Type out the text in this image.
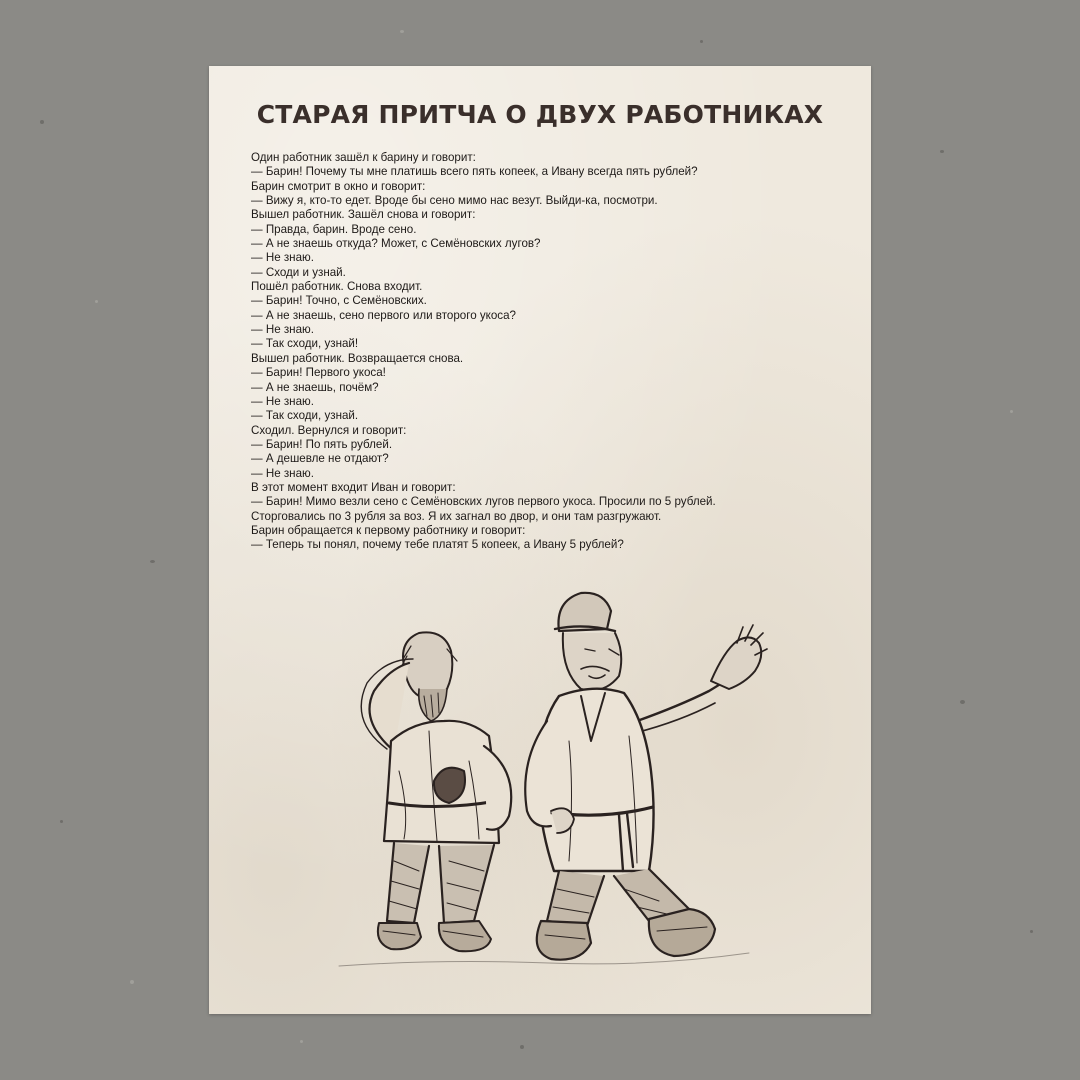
СТАРАЯ ПРИТЧА О ДВУХ РАБОТНИКАХ
Один работник зашёл к барину и говорит:
— Барин! Почему ты мне платишь всего пять копеек, а Ивану всегда пять рублей?
Барин смотрит в окно и говорит:
— Вижу я, кто-то едет. Вроде бы сено мимо нас везут. Выйди-ка, посмотри.
Вышел работник. Зашёл снова и говорит:
— Правда, барин. Вроде сено.
— А не знаешь откуда? Может, с Семёновских лугов?
— Не знаю.
— Сходи и узнай.
Пошёл работник. Снова входит.
— Барин! Точно, с Семёновских.
— А не знаешь, сено первого или второго укоса?
— Не знаю.
— Так сходи, узнай!
Вышел работник. Возвращается снова.
— Барин! Первого укоса!
— А не знаешь, почём?
— Не знаю.
— Так сходи, узнай.
Сходил. Вернулся и говорит:
— Барин! По пять рублей.
— А дешевле не отдают?
— Не знаю.
В этот момент входит Иван и говорит:
— Барин! Мимо везли сено с Семёновских лугов первого укоса. Просили по 5 рублей.
Сторговались по 3 рубля за воз. Я их загнал во двор, и они там разгружают.
Барин обращается к первому работнику и говорит:
— Теперь ты понял, почему тебе платят 5 копеек, а Ивану 5 рублей?
